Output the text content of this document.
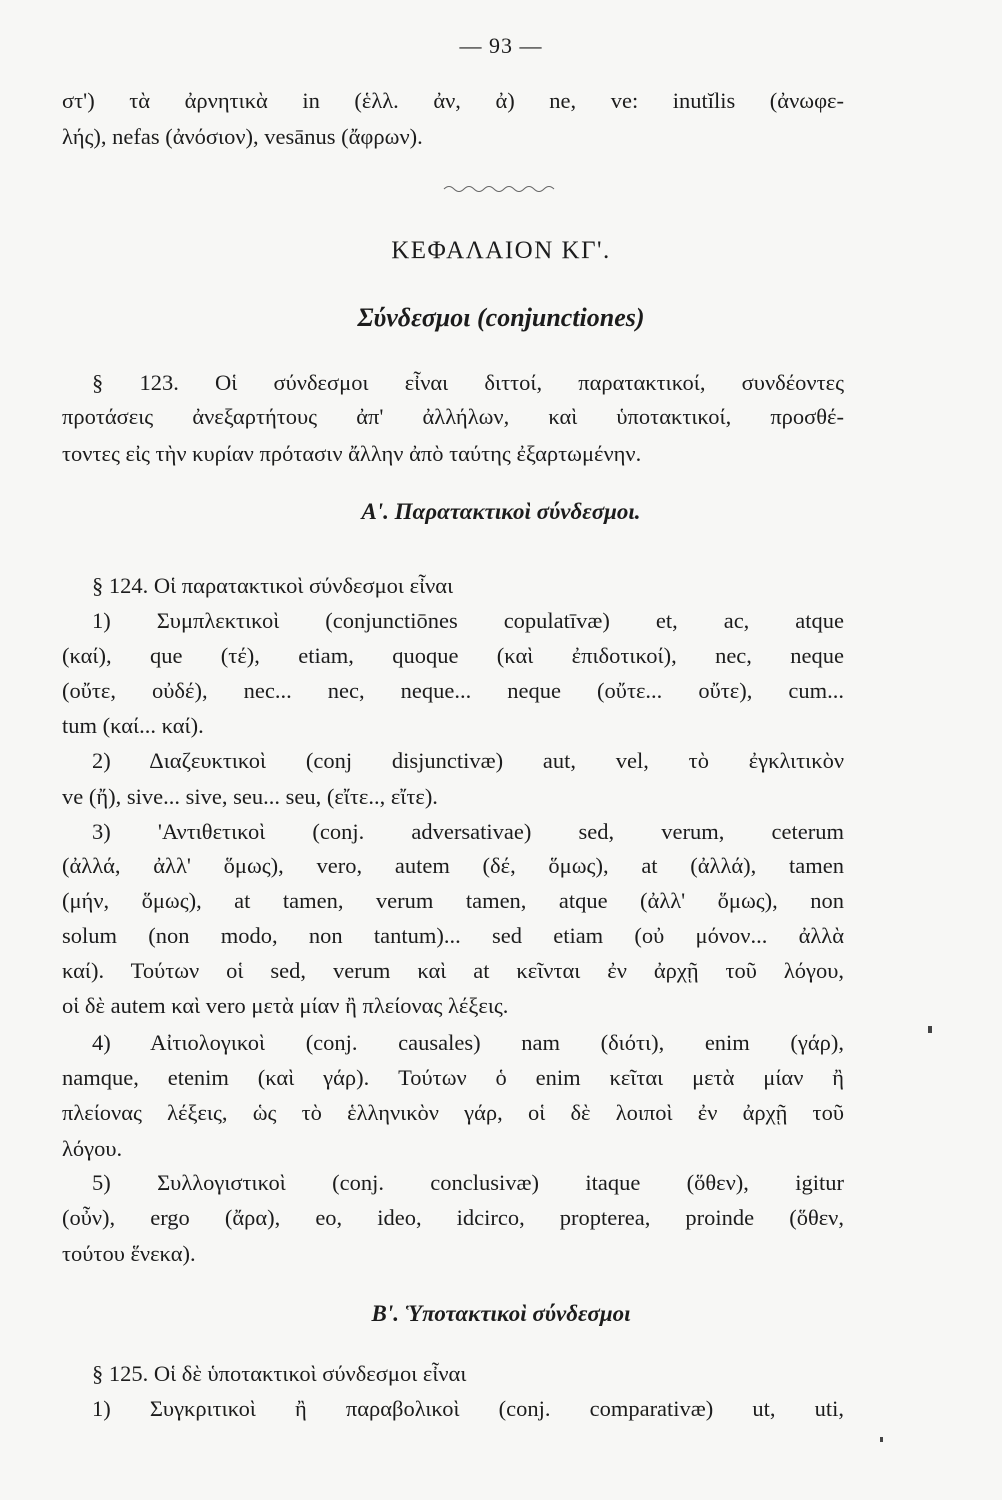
— 93 —
στ') τὰ ἀρνητικὰ in (ἑλλ. ἀν, ἀ) ne, ve: inutĭlis (ἀνωφε-
λής), nefas (ἀνόσιον), vesānus (ἄφρων).
ΚΕΦΑΛΑΙΟΝ ΚΓ'.
Σύνδεσμοι (conjunctiones)
§ 123. Οἱ σύνδεσμοι εἶναι διττοί, παρατακτικοί, συνδέοντες
προτάσεις ἀνεξαρτήτους ἀπ' ἀλλήλων, καὶ ὑποτακτικοί, προσθέ-
τοντες εἰς τὴν κυρίαν πρότασιν ἄλλην ἀπὸ ταύτης ἐξαρτωμένην.
Α'. Παρατακτικοὶ σύνδεσμοι.
§ 124. Οἱ παρατακτικοὶ σύνδεσμοι εἶναι
1) Συμπλεκτικοὶ (conjunctiōnes copulatīvæ) et, ac, atque
(καί), que (τέ), etiam, quoque (καὶ ἐπιδοτικοί), nec, neque
(οὔτε, οὐδέ), nec... nec, neque... neque (οὔτε... οὔτε), cum...
tum (καί... καί).
2) Διαζευκτικοὶ (conj disjunctivæ) aut, vel, τὸ ἐγκλιτικὸν
ve (ἤ), sive... sive, seu... seu, (εἴτε.., εἴτε).
3) 'Αντιθετικοὶ (conj. adversativae) sed, verum, ceterum
(ἀλλά, ἀλλ' ὅμως), vero, autem (δέ, ὅμως), at (ἀλλά), tamen
(μήν, ὅμως), at tamen, verum tamen, atque (ἀλλ' ὅμως), non
solum (non modo, non tantum)... sed etiam (οὐ μόνον... ἀλλὰ
καί). Τούτων οἱ sed, verum καὶ at κεῖνται ἐν ἀρχῇ τοῦ λόγου,
οἱ δὲ autem καὶ vero μετὰ μίαν ἢ πλείονας λέξεις.
4) Αἰτιολογικοὶ (conj. causales) nam (διότι), enim (γάρ),
namque, etenim (καὶ γάρ). Τούτων ὁ enim κεῖται μετὰ μίαν ἢ
πλείονας λέξεις, ὡς τὸ ἑλληνικὸν γάρ, οἱ δὲ λοιποὶ ἐν ἀρχῇ τοῦ
λόγου.
5) Συλλογιστικοὶ (conj. conclusivæ) itaque (ὅθεν), igitur
(οὖν), ergo (ἄρα), eo, ideo, idcirco, propterea, proinde (ὅθεν,
τούτου ἕνεκα).
Β'. Ὑποτακτικοὶ σύνδεσμοι
§ 125. Οἱ δὲ ὑποτακτικοὶ σύνδεσμοι εἶναι
1) Συγκριτικοὶ ἢ παραβολικοὶ (conj. comparativæ) ut, uti,
